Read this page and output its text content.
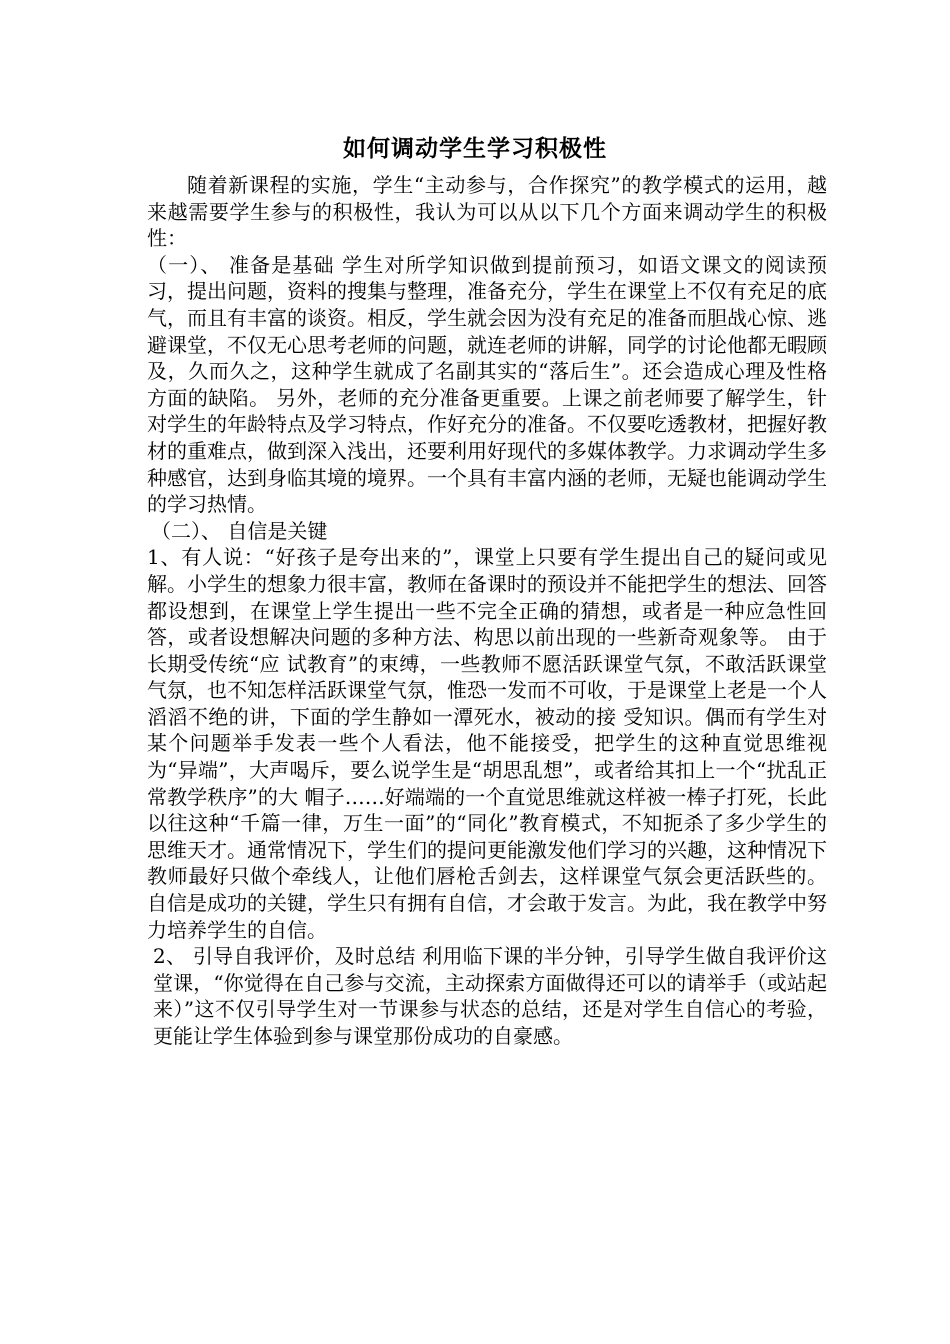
如何调动学生学习积极性

随着新课程的实施，学生“主动参与，合作探究”的教学模式的运用，越来越需要学生参与的积极性，我认为可以从以下几个方面来调动学生的积极性：

（一）、 准备是基础 学生对所学知识做到提前预习，如语文课文的阅读预习，提出问题，资料的搜集与整理，准备充分，学生在课堂上不仅有充足的底气，而且有丰富的谈资。相反，学生就会因为没有充足的准备而胆战心惊、逃避课堂，不仅无心思考老师的问题，就连老师的讲解，同学的讨论他都无暇顾及，久而久之，这种学生就成了名副其实的“落后生”。还会造成心理及性格方面的缺陷。 另外，老师的充分准备更重要。上课之前老师要了解学生，针对学生的年龄特点及学习特点，作好充分的准备。不仅要吃透教材，把握好教材的重难点，做到深入浅出，还要利用好现代的多媒体教学。力求调动学生多种感官，达到身临其境的境界。一个具有丰富内涵的老师，无疑也能调动学生的学习热情。

（二）、 自信是关键

1、有人说：“好孩子是夸出来的”，课堂上只要有学生提出自己的疑问或见解。小学生的想象力很丰富，教师在备课时的预设并不能把学生的想法、回答都设想到，在课堂上学生提出一些不完全正确的猜想，或者是一种应急性回答，或者设想解决问题的多种方法、构思以前出现的一些新奇观象等。 由于长期受传统“应 试教育”的束缚，一些教师不愿活跃课堂气氛，不敢活跃课堂气氛，也不知怎样活跃课堂气氛，惟恐一发而不可收，于是课堂上老是一个人滔滔不绝的讲，下面的学生静如一潭死水，被动的接 受知识。偶而有学生对某个问题举手发表一些个人看法，他不能接受，把学生的这种直觉思维视为“异端”，大声喝斥，要么说学生是“胡思乱想”，或者给其扣上一个“扰乱正常教学秩序”的大 帽子……好端端的一个直觉思维就这样被一棒子打死，长此以往这种“千篇一律，万生一面”的“同化”教育模式，不知扼杀了多少学生的思维天才。通常情况下，学生们的提问更能激发他们学习的兴趣，这种情况下教师最好只做个牵线人，让他们唇枪舌剑去，这样课堂气氛会更活跃些的。 自信是成功的关键，学生只有拥有自信，才会敢于发言。为此，我在教学中努力培养学生的自信。

2、 引导自我评价，及时总结 利用临下课的半分钟，引导学生做自我评价这堂课，“你觉得在自己参与交流，主动探索方面做得还可以的请举手（或站起来）”这不仅引导学生对一节课参与状态的总结，还是对学生自信心的考验，更能让学生体验到参与课堂那份成功的自豪感。
